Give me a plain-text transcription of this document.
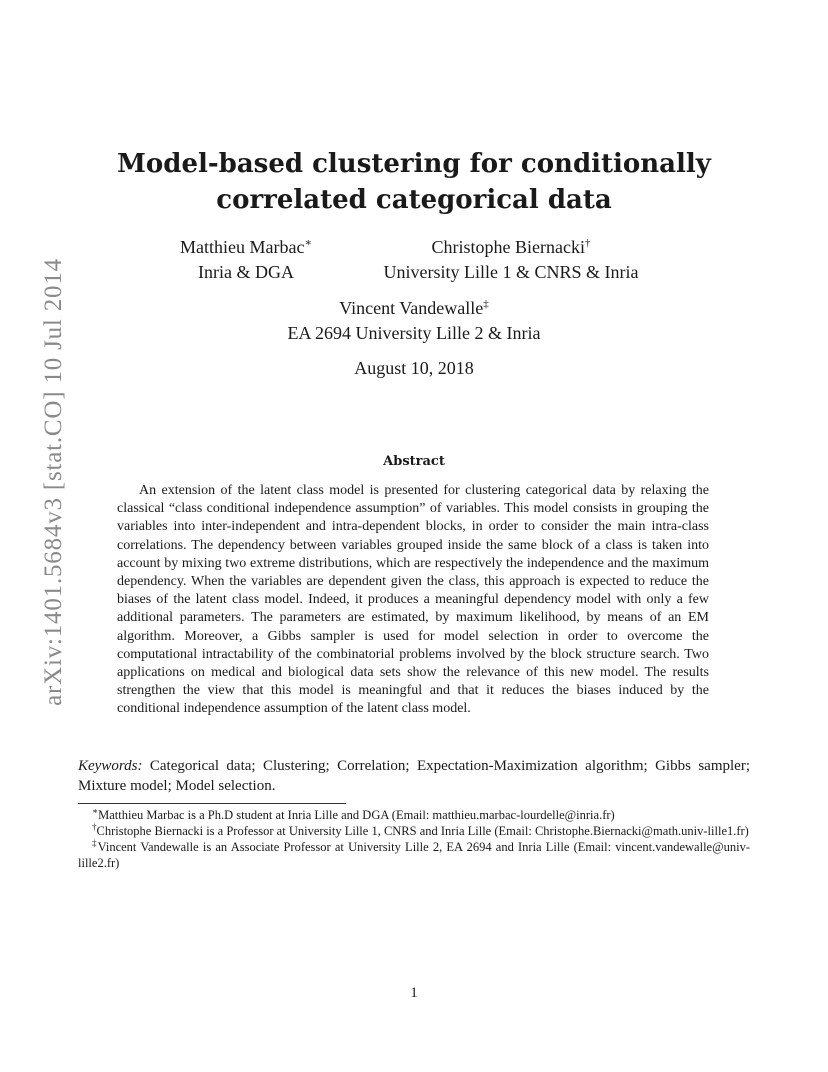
arXiv:1401.5684v3 [stat.CO] 10 Jul 2014
Model-based clustering for conditionally
correlated categorical data
Matthieu Marbac∗
Inria & DGA
Christophe Biernacki†
University Lille 1 & CNRS & Inria
Vincent Vandewalle‡
EA 2694 University Lille 2 & Inria
August 10, 2018
Abstract

An extension of the latent class model is presented for clustering categorical data by relaxing the classical “class conditional independence assumption” of variables. This model consists in grouping the variables into inter-independent and intra-dependent blocks, in order to consider the main intra-class correlations. The dependency between variables grouped inside the same block of a class is taken into account by mixing two extreme distributions, which are respectively the independence and the maximum dependency. When the variables are dependent given the class, this approach is expected to reduce the biases of the latent class model. Indeed, it produces a meaningful dependency model with only a few additional parameters. The parameters are estimated, by maximum likelihood, by means of an EM algorithm. Moreover, a Gibbs sampler is used for model selection in order to overcome the computational intractability of the combinatorial problems involved by the block structure search. Two applications on medical and biological data sets show the relevance of this new model. The results strengthen the view that this model is meaningful and that it reduces the biases induced by the conditional independence assumption of the latent class model.

Keywords: Categorical data; Clustering; Correlation; Expectation-Maximization algorithm; Gibbs sampler; Mixture model; Model selection.

∗Matthieu Marbac is a Ph.D student at Inria Lille and DGA (Email: matthieu.marbac-lourdelle@inria.fr)

†Christophe Biernacki is a Professor at University Lille 1, CNRS and Inria Lille (Email: Christophe.Biernacki@math.univ-lille1.fr)

‡Vincent Vandewalle is an Associate Professor at University Lille 2, EA 2694 and Inria Lille (Email: vincent.vandewalle@univ-lille2.fr)

1
